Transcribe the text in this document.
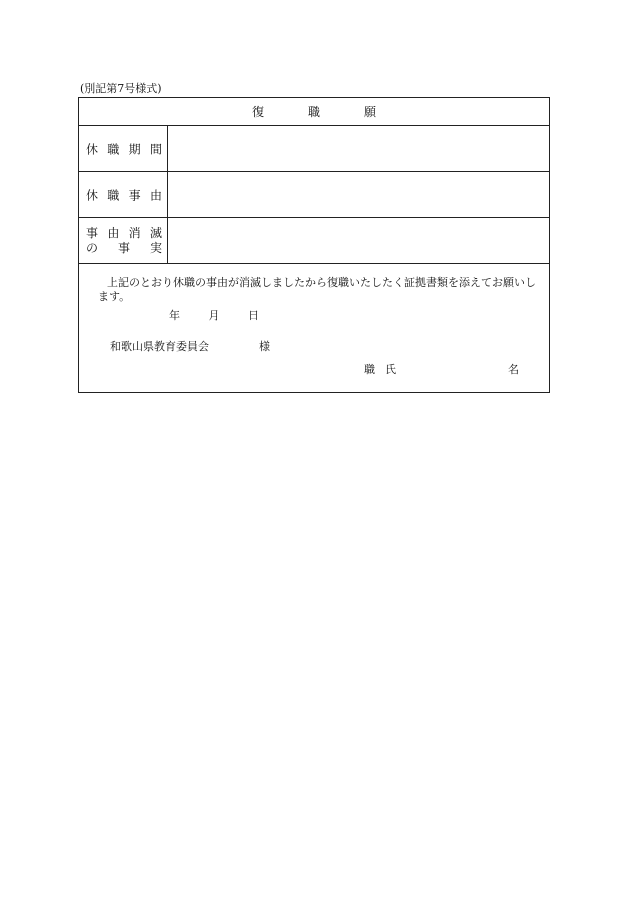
(別記第7号様式)
復	職	願
休 職 期 間
休 職 事 由
事 由 消 滅
の 事 実
上記のとおり休職の事由が消滅しましたから復職いたしたく証拠書類を添えてお願いします。
年	月	日
和歌山県教育委員会	様
職 氏	名
